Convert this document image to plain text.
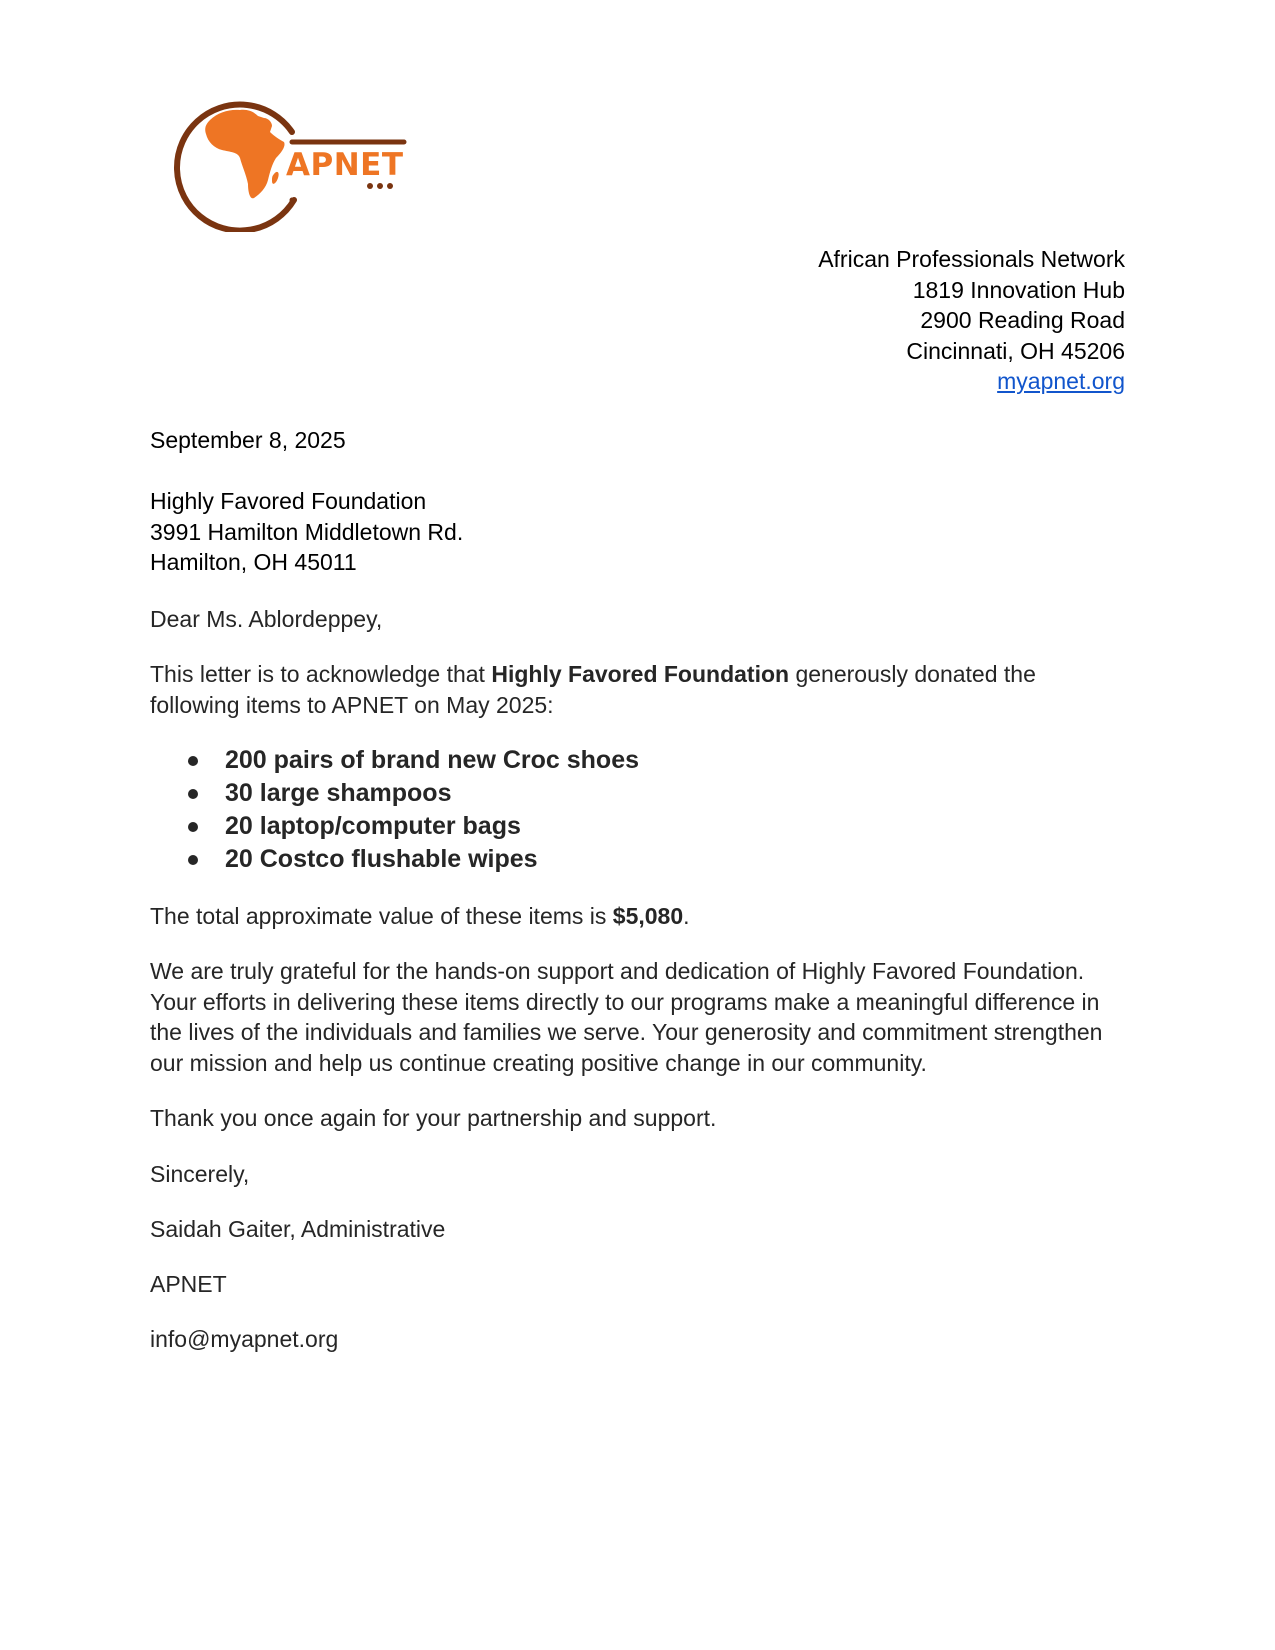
APNET
African Professionals Network
1819 Innovation Hub
2900 Reading Road
Cincinnati, OH 45206
myapnet.org
September 8, 2025
Highly Favored Foundation
3991 Hamilton Middletown Rd.
Hamilton, OH 45011
Dear Ms. Ablordeppey,
This letter is to acknowledge that Highly Favored Foundation generously donated the following items to APNET on May 2025:
200 pairs of brand new Croc shoes
30 large shampoos
20 laptop/computer bags
20 Costco flushable wipes
The total approximate value of these items is $5,080.
We are truly grateful for the hands-on support and dedication of Highly Favored Foundation. Your efforts in delivering these items directly to our programs make a meaningful difference in the lives of the individuals and families we serve. Your generosity and commitment strengthen our mission and help us continue creating positive change in our community.
Thank you once again for your partnership and support.
Sincerely,
Saidah Gaiter, Administrative
APNET
info@myapnet.org
